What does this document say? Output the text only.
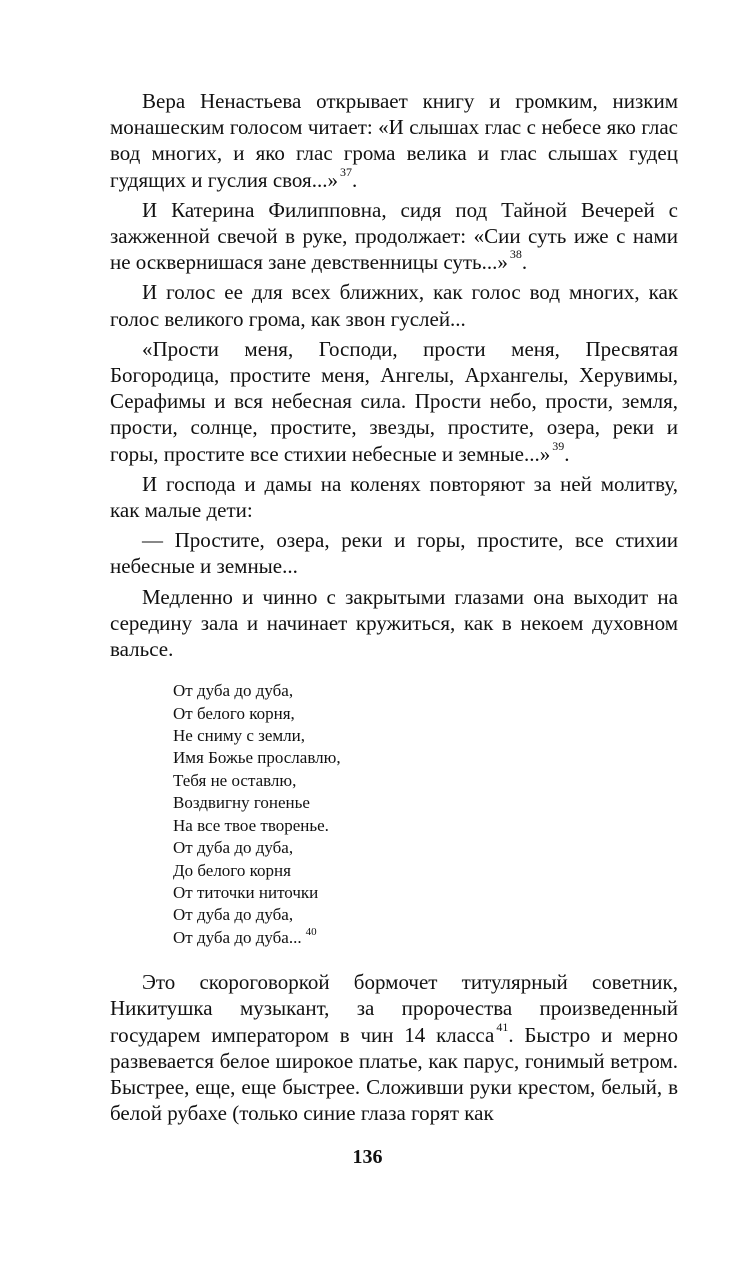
Вера Ненастьева открывает книгу и громким, низким монашеским голосом читает: «И слышах глас с небесе яко глас вод многих, и яко глас грома велика и глас слышах гудец гудящих и гуслия своя...» $^{37}$.

И Катерина Филипповна, сидя под Тайной Вечерей с зажженной свечой в руке, продолжает: «Сии суть иже с нами не осквернишася зане девственницы суть...» $^{38}$.

И голос ее для всех ближних, как голос вод многих, как голос великого грома, как звон гуслей...

«Прости меня, Господи, прости меня, Пресвятая Богородица, простите меня, Ангелы, Архангелы, Херувимы, Серафимы и вся небесная сила. Прости небо, прости, земля, прости, солнце, простите, звезды, простите, озера, реки и горы, простите все стихии небесные и земные...» $^{39}$.

И господа и дамы на коленях повторяют за ней молитву, как малые дети:

— Простите, озера, реки и горы, простите, все стихии небесные и земные...

Медленно и чинно с закрытыми глазами она выходит на середину зала и начинает кружиться, как в некоем духовном вальсе.

От дуба до дуба,
От белого корня,
Не сниму с земли,
Имя Божье прославлю,
Тебя не оставлю,
Воздвигну гоненье
На все твое творенье.
От дуба до дуба,
До белого корня
От титочки ниточки
От дуба до дуба,
От дуба до дуба... $^{40}$

Это скороговоркой бормочет титулярный советник, Никитушка музыкант, за пророчества произведенный государем императором в чин 14 класса $^{41}$. Быстро и мерно развевается белое широкое платье, как парус, гонимый ветром. Быстрее, еще, еще быстрее. Сложивши руки крестом, белый, в белой рубахе (только синие глаза горят как

136
